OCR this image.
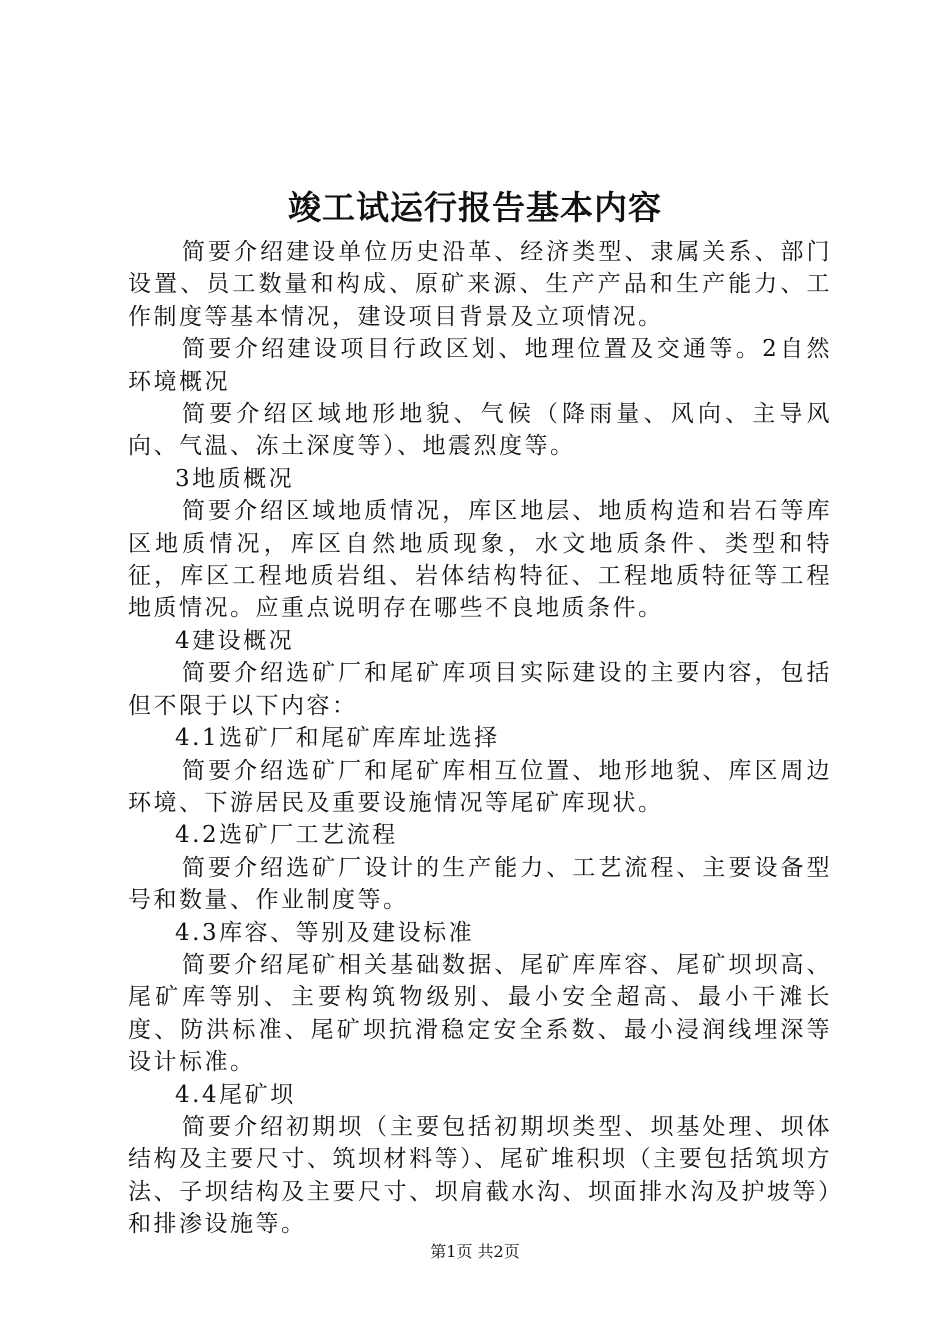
竣工试运行报告基本内容

简要介绍建设单位历史沿革、经济类型、隶属关系、部门设置、员工数量和构成、原矿来源、生产产品和生产能力、工作制度等基本情况，建设项目背景及立项情况。

简要介绍建设项目行政区划、地理位置及交通等。2自然环境概况

简要介绍区域地形地貌、气候（降雨量、风向、主导风向、气温、冻土深度等）、地震烈度等。

3地质概况

简要介绍区域地质情况，库区地层、地质构造和岩石等库区地质情况，库区自然地质现象，水文地质条件、类型和特征，库区工程地质岩组、岩体结构特征、工程地质特征等工程地质情况。应重点说明存在哪些不良地质条件。

4建设概况

简要介绍选矿厂和尾矿库项目实际建设的主要内容，包括但不限于以下内容：

4.1选矿厂和尾矿库库址选择

简要介绍选矿厂和尾矿库相互位置、地形地貌、库区周边环境、下游居民及重要设施情况等尾矿库现状。

4.2选矿厂工艺流程

简要介绍选矿厂设计的生产能力、工艺流程、主要设备型号和数量、作业制度等。

4.3库容、等别及建设标准

简要介绍尾矿相关基础数据、尾矿库库容、尾矿坝坝高、尾矿库等别、主要构筑物级别、最小安全超高、最小干滩长度、防洪标准、尾矿坝抗滑稳定安全系数、最小浸润线埋深等设计标准。

4.4尾矿坝

简要介绍初期坝（主要包括初期坝类型、坝基处理、坝体结构及主要尺寸、筑坝材料等）、尾矿堆积坝（主要包括筑坝方法、子坝结构及主要尺寸、坝肩截水沟、坝面排水沟及护坡等）和排渗设施等。

第1页 共2页
